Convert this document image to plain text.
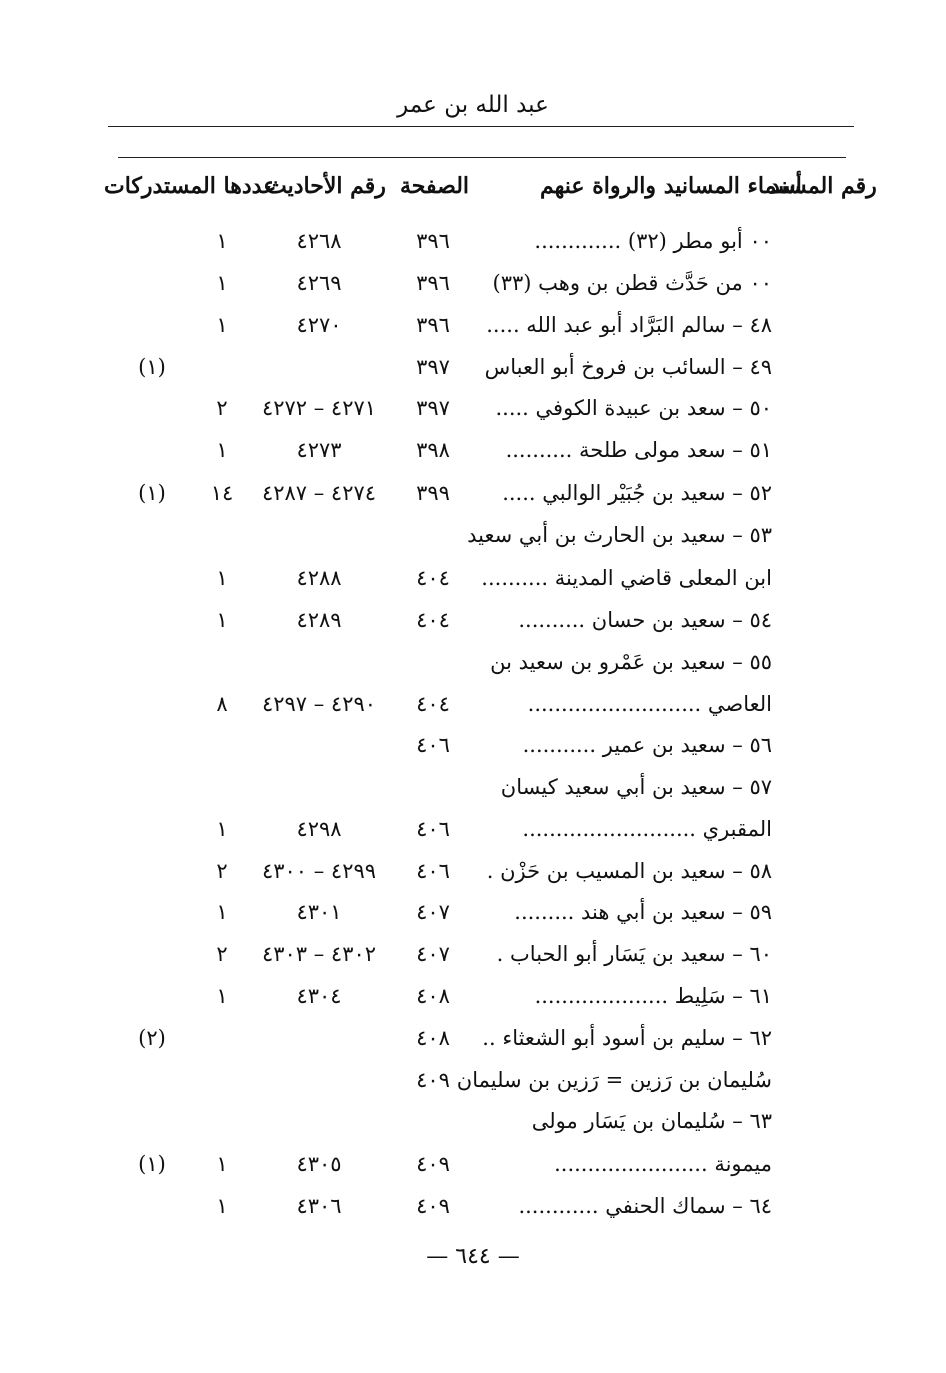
عبد الله بن عمر
رقم المسند
أسماء المسانيد والرواة عنهم
الصفحة
رقم الأحاديث
عددها المستدركات
٠٠ أبو مطر (٣٢) .............
٣٩٦
٤٢٦٨
١
٠٠ من حَدَّث قطن بن وهب (٣٣)
٣٩٦
٤٢٦٩
١
٤٨ – سالم البَرَّاد أبو عبد الله .....
٣٩٦
٤٢٧٠
١
٤٩ – السائب بن فروخ أبو العباس
٣٩٧
(١)
٥٠ – سعد بن عبيدة الكوفي .....
٣٩٧
٤٢٧١ – ٤٢٧٢
٢
٥١ – سعد مولى طلحة ..........
٣٩٨
٤٢٧٣
١
٥٢ – سعيد بن جُبَيْر الوالبي .....
٣٩٩
٤٢٧٤ – ٤٢٨٧
١٤
(١)
٥٣ – سعيد بن الحارث بن أبي سعيد
ابن المعلى قاضي المدينة ..........
٤٠٤
٤٢٨٨
١
٥٤ – سعيد بن حسان ..........
٤٠٤
٤٢٨٩
١
٥٥ – سعيد بن عَمْرو بن سعيد بن
العاصي ..........................
٤٠٤
٤٢٩٠ – ٤٢٩٧
٨
٥٦ – سعيد بن عمير ...........
٤٠٦
٥٧ – سعيد بن أبي سعيد كيسان
المقبري ..........................
٤٠٦
٤٢٩٨
١
٥٨ – سعيد بن المسيب بن حَزْن .
٤٠٦
٤٢٩٩ – ٤٣٠٠
٢
٥٩ – سعيد بن أبي هند .........
٤٠٧
٤٣٠١
١
٦٠ – سعيد بن يَسَار أبو الحباب .
٤٠٧
٤٣٠٢ – ٤٣٠٣
٢
٦١ – سَلِيط ....................
٤٠٨
٤٣٠٤
١
٦٢ – سليم بن أسود أبو الشعثاء ..
٤٠٨
(٢)
سُليمان بن رَزين = رَزين بن سليمان
٤٠٩
٦٣ – سُليمان بن يَسَار مولى
ميمونة .......................
٤٠٩
٤٣٠٥
١
(١)
٦٤ – سماك الحنفي ............
٤٠٩
٤٣٠٦
١
— ٦٤٤ —
